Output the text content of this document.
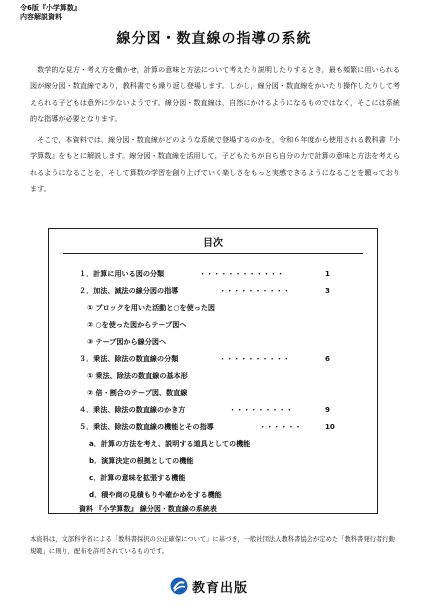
令6版『小学算数』
内容解説資料
線分図・数直線の指導の系統

数学的な見方・考え方を働かせ，計算の意味と方法について考えたり説明したりするとき，最も頻繁に用いられる図が線分図・数直線であり，教科書でも繰り返し登場します。しかし，線分図・数直線をかいたり操作したりして考えられる子どもは意外に少ないようです。線分図・数直線は，自然にかけるようになるものではなく，そこには系統的な指導が必要となります。

そこで，本資料では，線分図・数直線がどのような系統で登場するのかを，令和６年度から使用される教科書『小学算数』をもとに解説します。線分図・数直線を活用して，子どもたちが自ら自分の力で計算の意味と方法を考えられるようになることを，そして算数の学習を創り上げていく楽しさをもっと実感できるようになることを願っております。

目次
１．計算に用いる図の分類	・・・・・・・・・・・・	1
２．加法、減法の線分図の指導	・・・・・・・・・・	3
① ブロックを用いた活動と○を使った図
② ○を使った図からテープ図へ
③ テープ図から線分図へ
３．乗法、除法の数直線の分類	・・・・・・・・・・	6
① 乗法、除法の数直線の基本形
② 倍・割合のテープ図、数直線
４．乗法、除法の数直線のかき方	・・・・・・・・・	9
５．乗法、除法の数直線の機能とその指導	・・・・・・	10
a．計算の方法を考え、説明する道具としての機能
b．演算決定の根拠としての機能
c．計算の意味を拡張する機能
d．積や商の見積もりや確かめをする機能
資料 『小学算数』 線分図・数直線の系統表
本資料は，文部科学省による「教科書採択の公正確保について」に基づき，一般社団法人教科書協会が定めた「教科書発行者行動規範」に則り，配布を許可されているものです。
教育出版
